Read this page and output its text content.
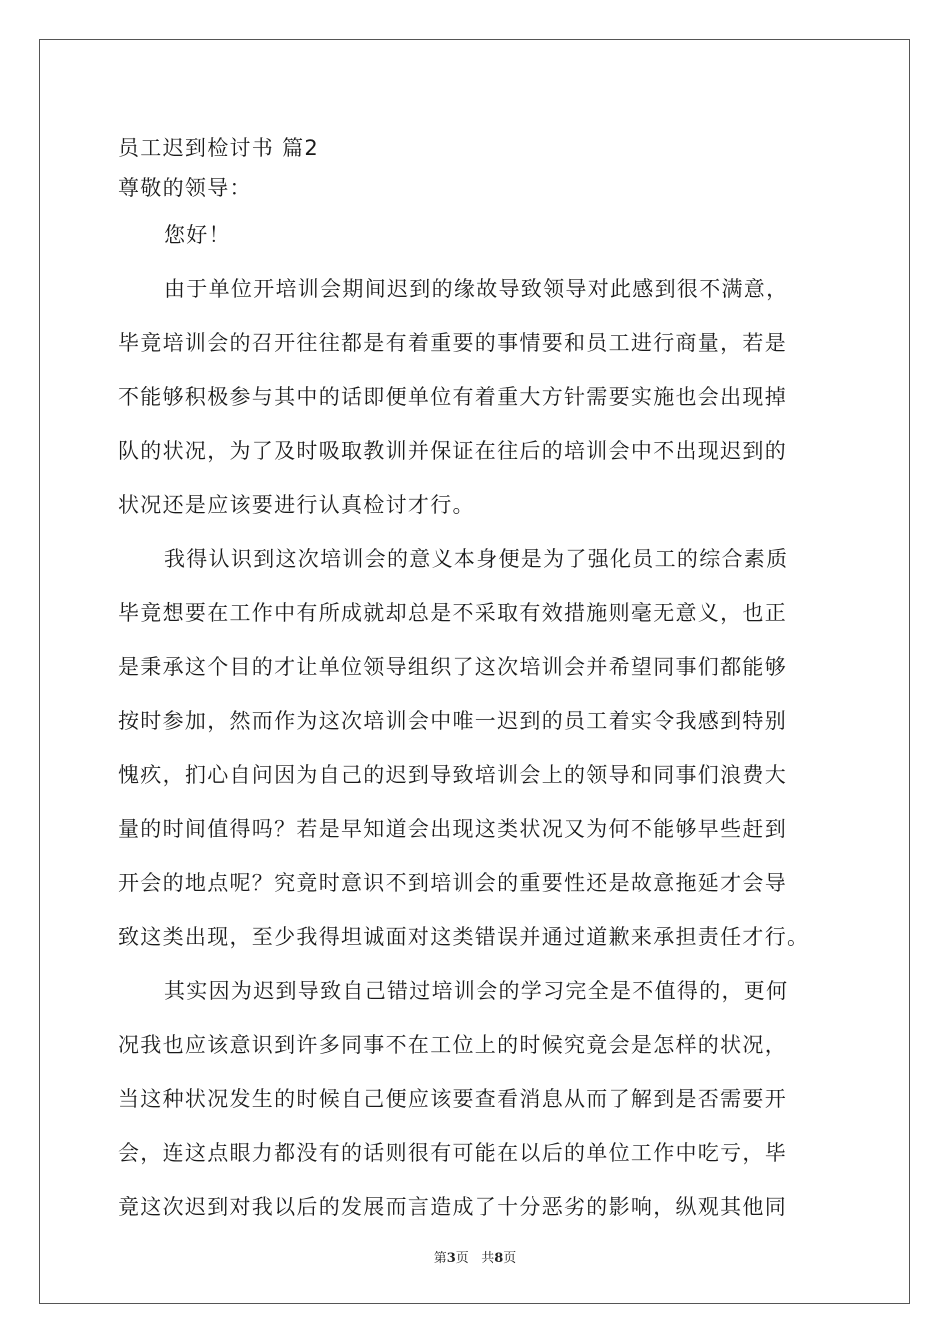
员工迟到检讨书 篇2
尊敬的领导：
您好！
由于单位开培训会期间迟到的缘故导致领导对此感到很不满意，
毕竟培训会的召开往往都是有着重要的事情要和员工进行商量，若是
不能够积极参与其中的话即便单位有着重大方针需要实施也会出现掉
队的状况，为了及时吸取教训并保证在往后的培训会中不出现迟到的
状况还是应该要进行认真检讨才行。
我得认识到这次培训会的意义本身便是为了强化员工的综合素质
毕竟想要在工作中有所成就却总是不采取有效措施则毫无意义，也正
是秉承这个目的才让单位领导组织了这次培训会并希望同事们都能够
按时参加，然而作为这次培训会中唯一迟到的员工着实令我感到特别
愧疚，扪心自问因为自己的迟到导致培训会上的领导和同事们浪费大
量的时间值得吗？若是早知道会出现这类状况又为何不能够早些赶到
开会的地点呢？究竟时意识不到培训会的重要性还是故意拖延才会导
致这类出现，至少我得坦诚面对这类错误并通过道歉来承担责任才行。
其实因为迟到导致自己错过培训会的学习完全是不值得的，更何
况我也应该意识到许多同事不在工位上的时候究竟会是怎样的状况，
当这种状况发生的时候自己便应该要查看消息从而了解到是否需要开
会，连这点眼力都没有的话则很有可能在以后的单位工作中吃亏，毕
竟这次迟到对我以后的发展而言造成了十分恶劣的影响，纵观其他同
第3页 共8页
